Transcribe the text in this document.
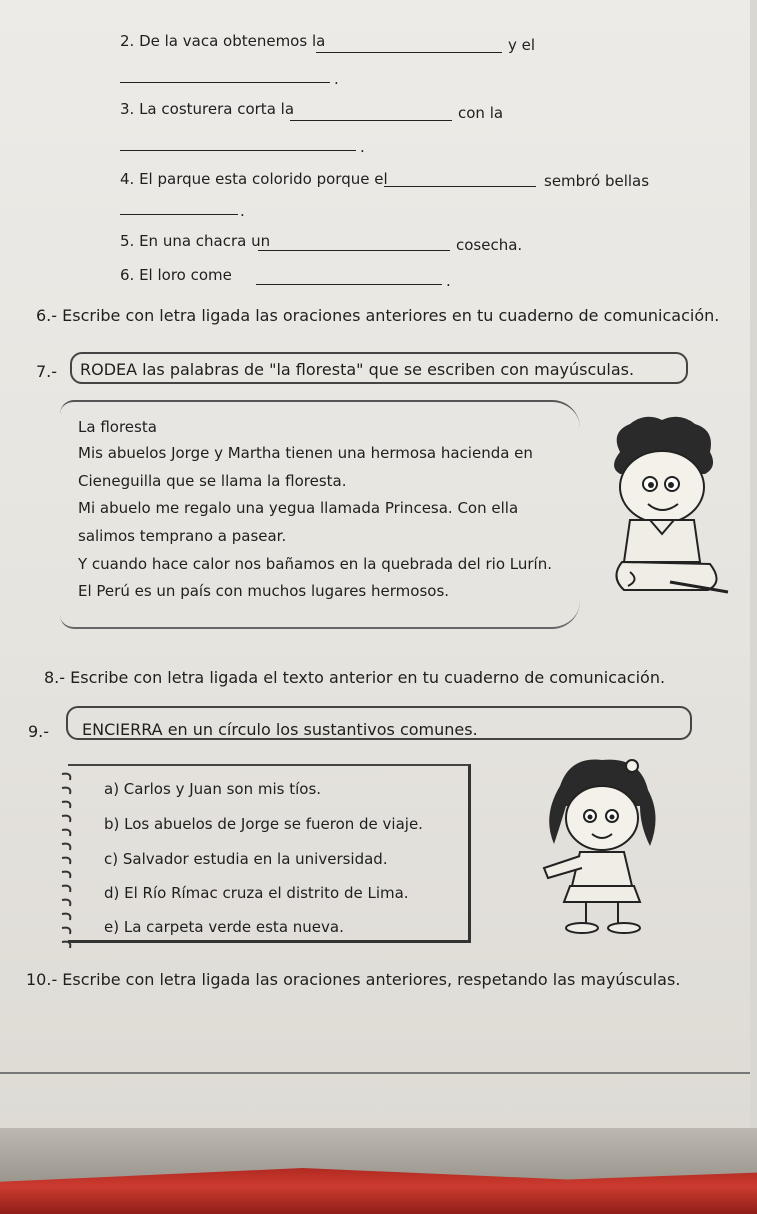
2. De la vaca obtenemos la	y el
.
3. La costurera corta la	con la
.
4. El parque esta colorido porque el	sembró bellas
.
5. En una chacra un	cosecha.
6. El loro come	.
6.- Escribe con letra ligada las oraciones anteriores en tu cuaderno de comunicación.
7.- RODEA las palabras de "la floresta" que se escriben con mayúsculas.
La floresta
Mis abuelos Jorge y Martha tienen una hermosa hacienda en
Cieneguilla que se llama la floresta.
Mi abuelo me regalo una yegua llamada Princesa. Con ella
salimos temprano a pasear.
Y cuando hace calor nos bañamos en la quebrada del rio Lurín.
El Perú es un país con muchos lugares hermosos.
8.- Escribe con letra ligada el texto anterior en tu cuaderno de comunicación.
9.- ENCIERRA en un círculo los sustantivos comunes.
a) Carlos y Juan son mis tíos.
b) Los abuelos de Jorge se fueron de viaje.
c) Salvador estudia en la universidad.
d) El Río Rímac cruza el distrito de Lima.
e) La carpeta verde esta nueva.
10.- Escribe con letra ligada las oraciones anteriores, respetando las mayúsculas.
